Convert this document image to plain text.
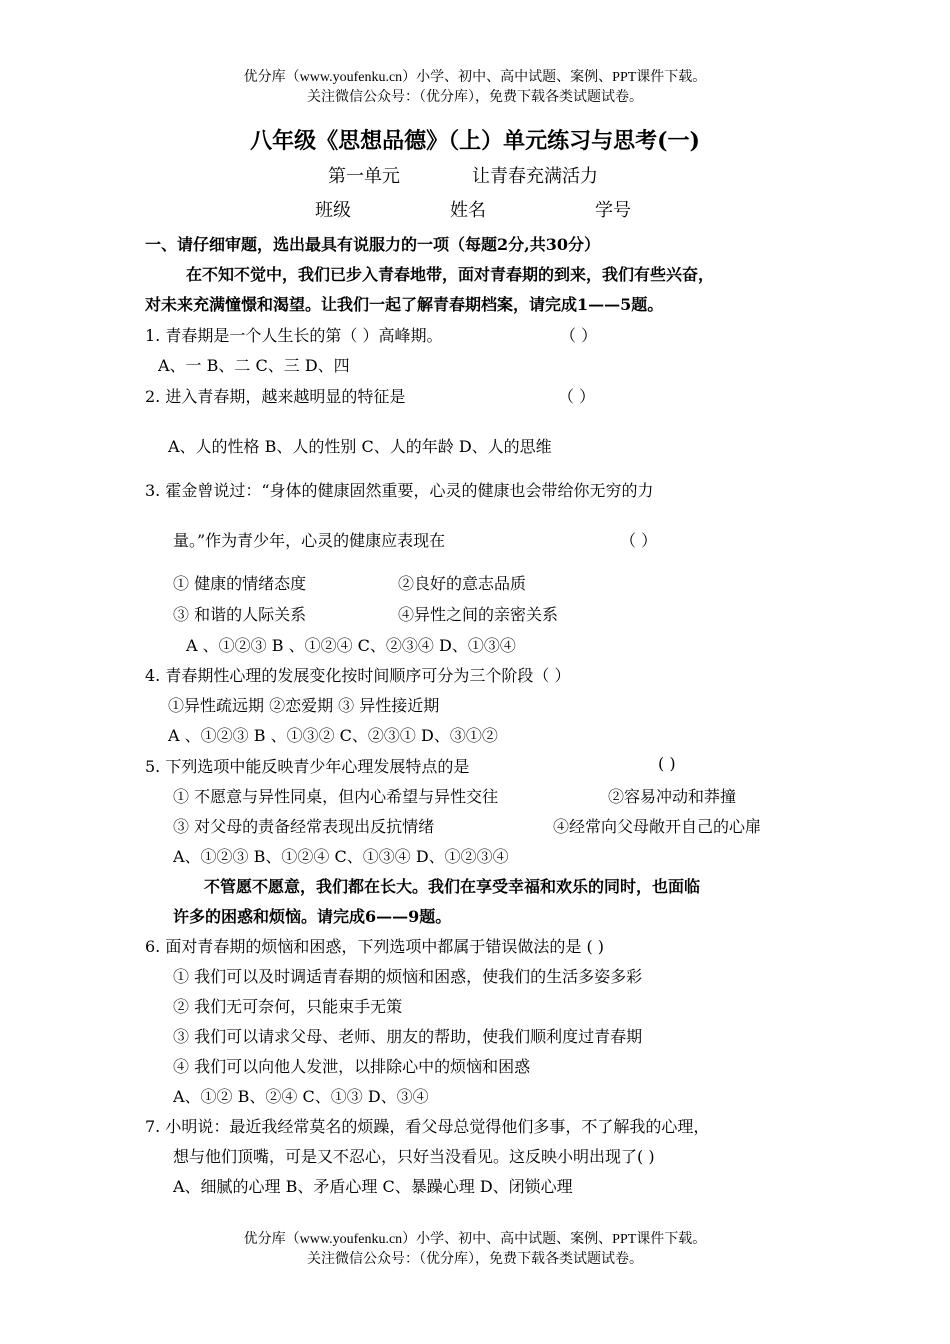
优分库（www.youfenku.cn）小学、初中、高中试题、案例、PPT课件下载。
关注微信公众号：（优分库），免费下载各类试题试卷。
八年级《思想品德》（上）单元练习与思考(一)
第一单元	让青春充满活力
班级	姓名	学号
一、请仔细审题，选出最具有说服力的一项（每题2分,共30分）
在不知不觉中，我们已步入青春地带，面对青春期的到来，我们有些兴奋，
对未来充满憧憬和渴望。让我们一起了解青春期档案，请完成1——5题。
1. 青春期是一个人生长的第（ ）高峰期。	（ ）
A、一 B、二 C、三 D、四
2. 进入青春期，越来越明显的特征是	（ ）
A、人的性格 B、人的性别 C、人的年龄 D、人的思维
3. 霍金曾说过：“身体的健康固然重要，心灵的健康也会带给你无穷的力
量。”作为青少年，心灵的健康应表现在	（ ）
① 健康的情绪态度	②良好的意志品质
③ 和谐的人际关系	④异性之间的亲密关系
A 、①②③ B 、①②④ C、②③④ D、①③④
4. 青春期性心理的发展变化按时间顺序可分为三个阶段（ ）
①异性疏远期 ②恋爱期 ③ 异性接近期
A 、①②③ B 、①③② C、②③① D、③①②
5. 下列选项中能反映青少年心理发展特点的是	( )
① 不愿意与异性同桌，但内心希望与异性交往	②容易冲动和莽撞
③ 对父母的责备经常表现出反抗情绪	④经常向父母敞开自己的心扉
A、①②③ B、①②④ C、①③④ D、①②③④
不管愿不愿意，我们都在长大。我们在享受幸福和欢乐的同时，也面临
许多的困惑和烦恼。请完成6——9题。
6. 面对青春期的烦恼和困惑，下列选项中都属于错误做法的是 ( )
① 我们可以及时调适青春期的烦恼和困惑，使我们的生活多姿多彩
② 我们无可奈何，只能束手无策
③ 我们可以请求父母、老师、朋友的帮助，使我们顺利度过青春期
④ 我们可以向他人发泄，以排除心中的烦恼和困惑
A、①② B、②④ C、①③ D、③④
7. 小明说：最近我经常莫名的烦躁，看父母总觉得他们多事，不了解我的心理，
想与他们顶嘴，可是又不忍心，只好当没看见。这反映小明出现了( )
A、细腻的心理 B、矛盾心理 C、暴躁心理 D、闭锁心理
优分库（www.youfenku.cn）小学、初中、高中试题、案例、PPT课件下载。
关注微信公众号：（优分库），免费下载各类试题试卷。
